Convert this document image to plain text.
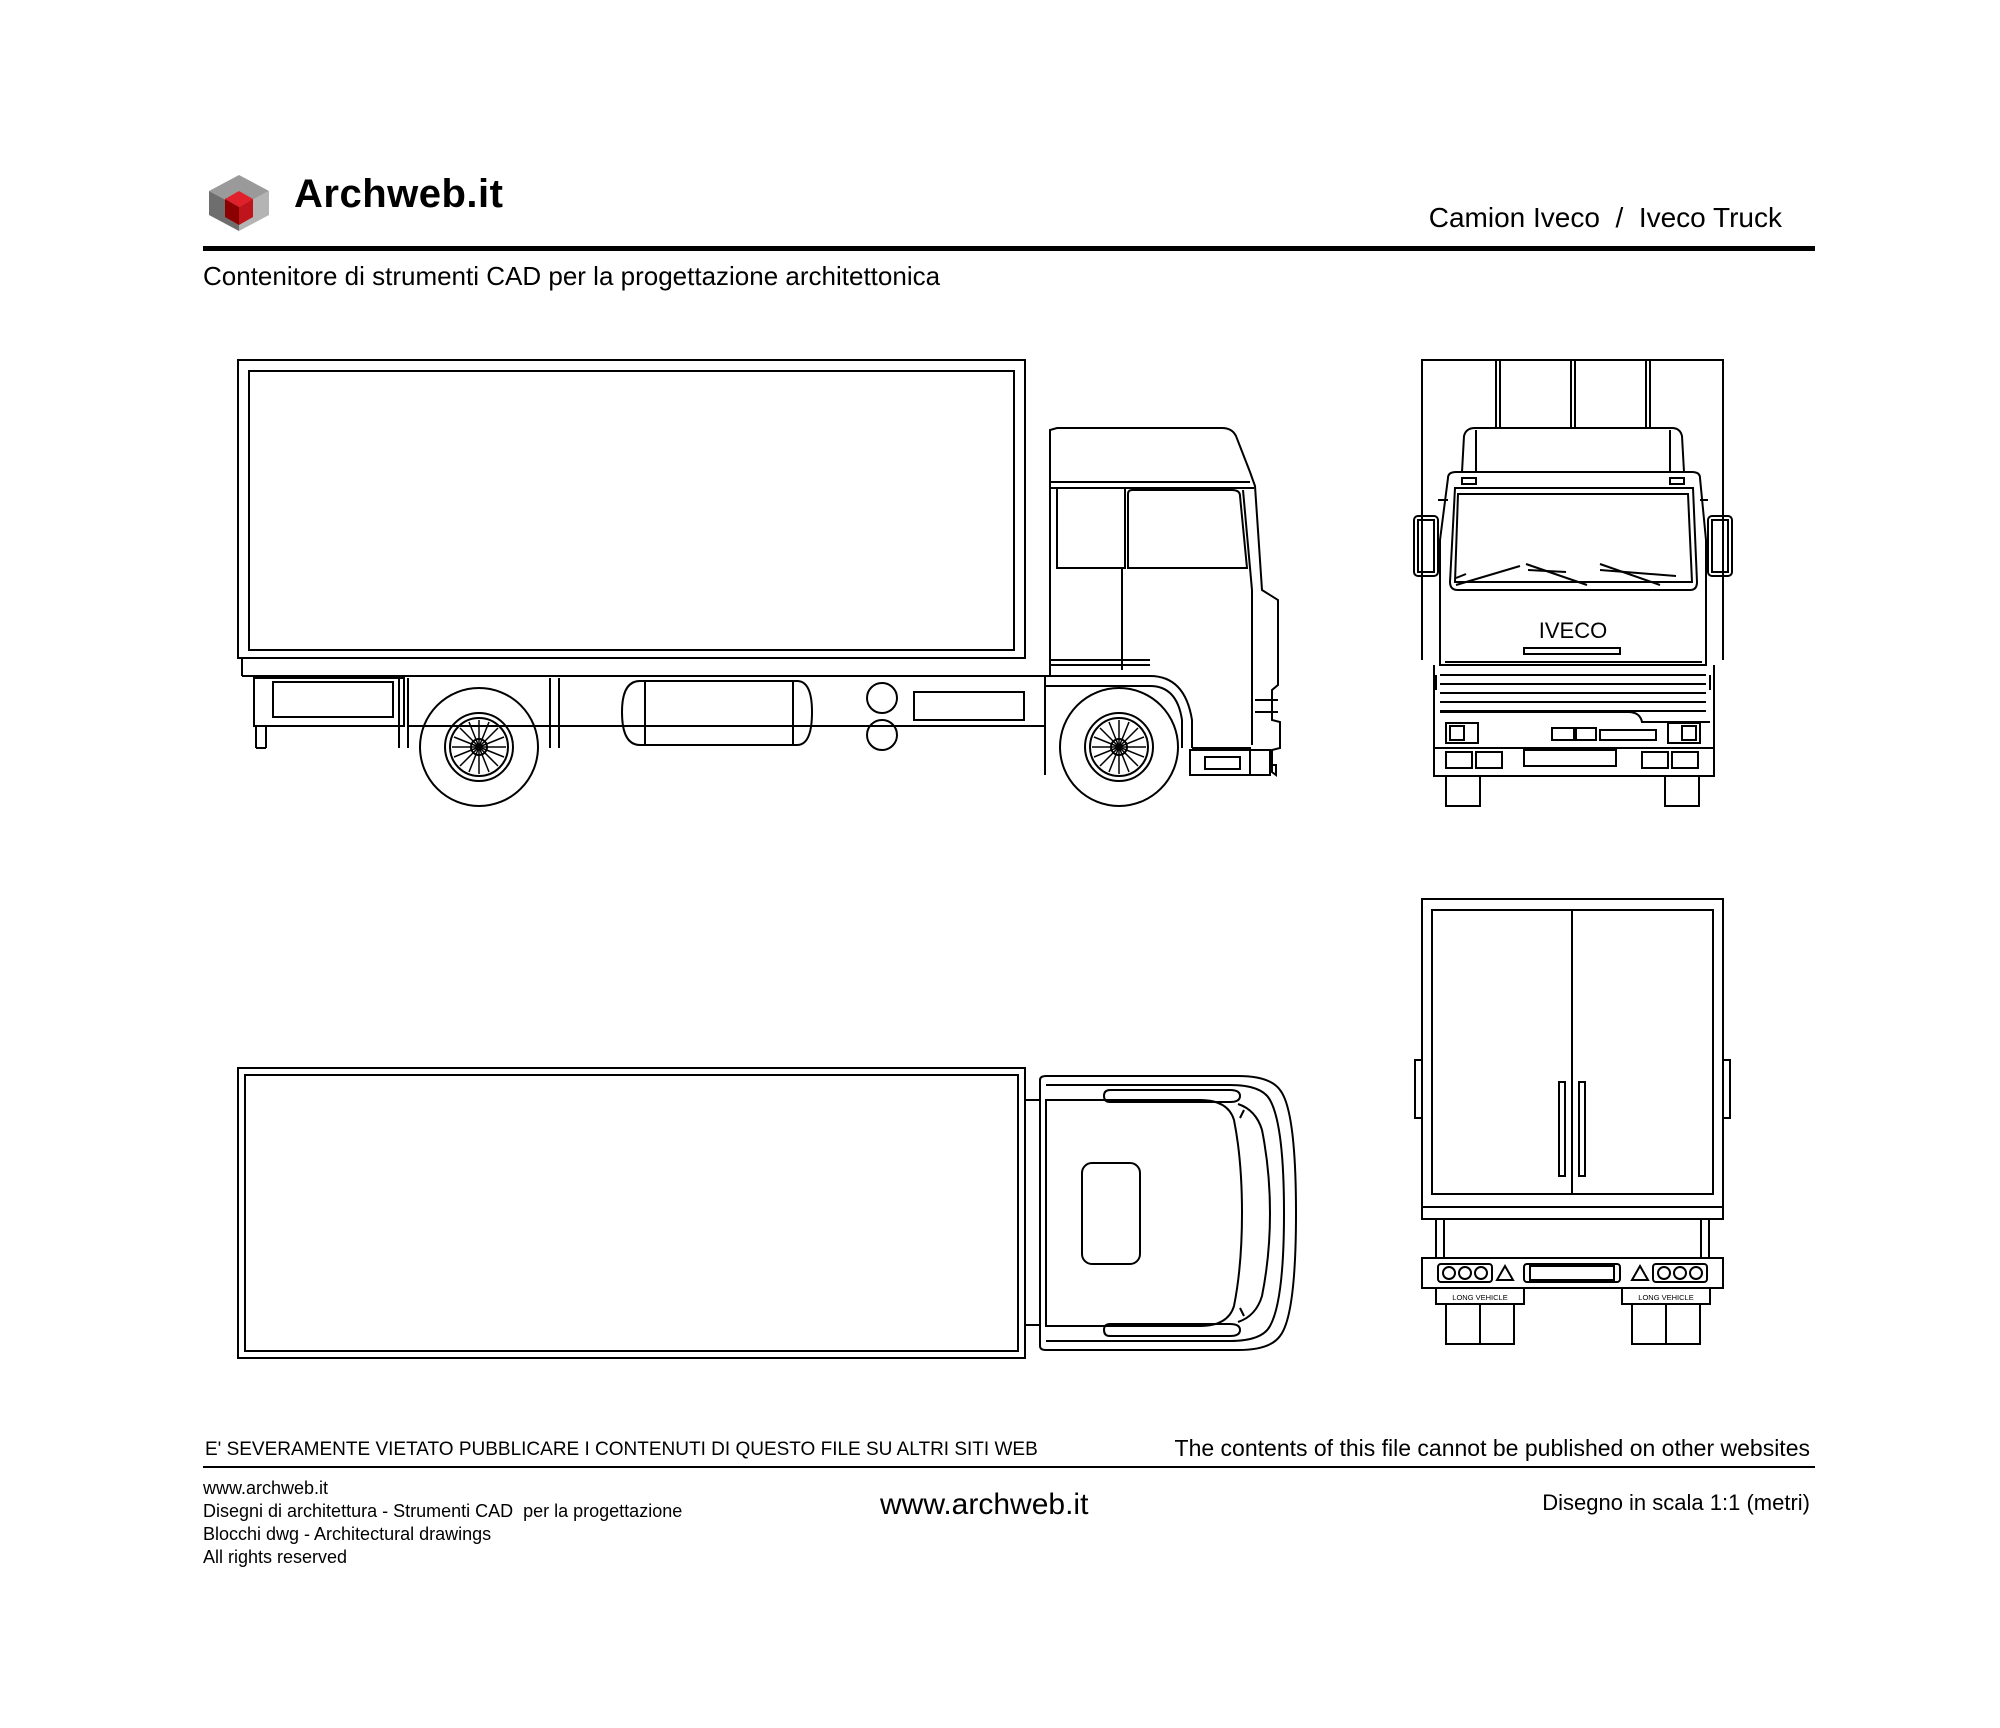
Archweb.it
Camion Iveco  /  Iveco Truck
Contenitore di strumenti CAD per la progettazione architettonica
IVECO
LONG VEHICLE	LONG VEHICLE
E' SEVERAMENTE VIETATO PUBBLICARE I CONTENUTI DI QUESTO FILE SU ALTRI SITI WEB	The contents of this file cannot be published on other websites
www.archweb.it
Disegni di architettura - Strumenti CAD  per la progettazione
Blocchi dwg - Architectural drawings
All rights reserved
www.archweb.it	Disegno in scala 1:1 (metri)
